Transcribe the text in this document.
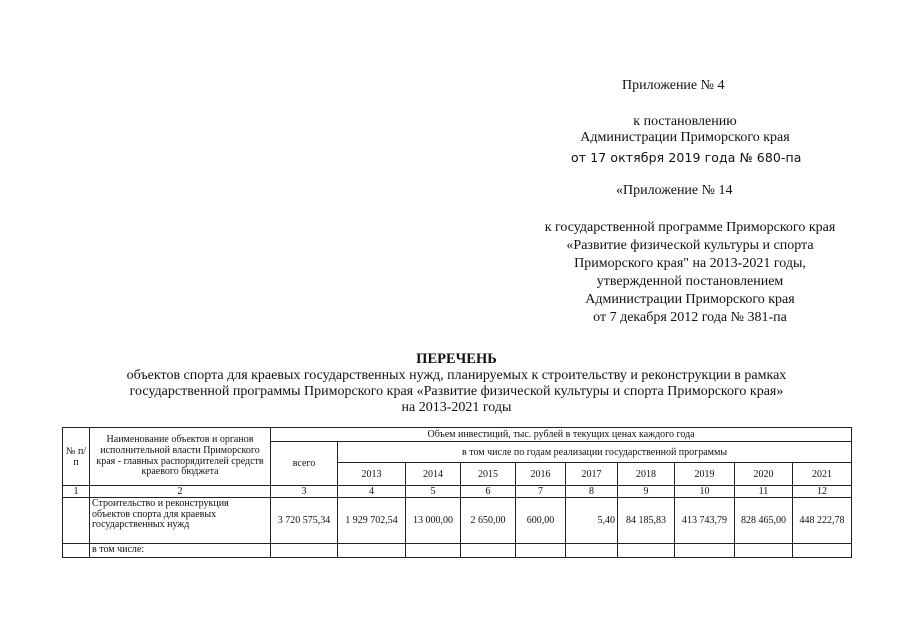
Приложение № 4
к постановлению
Администрации Приморского края
от 17 октября 2019 года № 680-па
«Приложение № 14
к государственной программе Приморского края
«Развитие физической культуры и спорта
Приморского края" на 2013-2021 годы,
утвержденной постановлением
Администрации Приморского края
от 7 декабря 2012 года № 381-па
ПЕРЕЧЕНЬ
объектов спорта для краевых государственных нужд, планируемых к строительству и реконструкции в рамках
государственной программы Приморского края «Развитие физической культуры и спорта Приморского края»
на 2013-2021 годы
№ п/п	Наименование объектов и органов исполнительной власти Приморского края - главных распорядителей средств краевого бюджета	Объем инвестиций, тыс. рублей в текущих ценах каждого года									
		всего	в том числе по годам реализации государственной программы								
			2013	2014	2015	2016	2017	2018	2019	2020	2021
1	2	3	4	5	6	7	8	9	10	11	12
	Строительство и реконструкция объектов спорта для краевых государственных нужд	3 720 575,34	1 929 702,54	13 000,00	2 650,00	600,00	5,40	84 185,83	413 743,79	828 465,00	448 222,78
	в том числе:										
